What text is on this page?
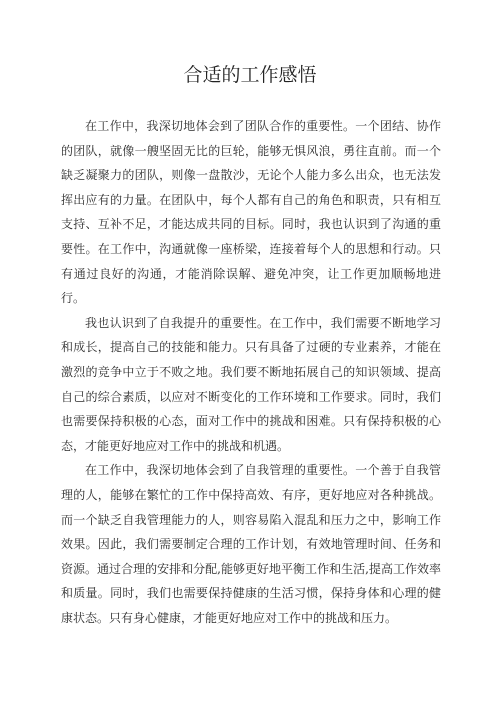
合适的工作感悟

在工作中，我深切地体会到了团队合作的重要性。一个团结、协作的团队，就像一艘坚固无比的巨轮，能够无惧风浪，勇往直前。而一个缺乏凝聚力的团队，则像一盘散沙，无论个人能力多么出众，也无法发挥出应有的力量。在团队中，每个人都有自己的角色和职责，只有相互支持、互补不足，才能达成共同的目标。同时，我也认识到了沟通的重要性。在工作中，沟通就像一座桥梁，连接着每个人的思想和行动。只有通过良好的沟通，才能消除误解、避免冲突，让工作更加顺畅地进行。

我也认识到了自我提升的重要性。在工作中，我们需要不断地学习和成长，提高自己的技能和能力。只有具备了过硬的专业素养，才能在激烈的竞争中立于不败之地。我们要不断地拓展自己的知识领域、提高自己的综合素质，以应对不断变化的工作环境和工作要求。同时，我们也需要保持积极的心态，面对工作中的挑战和困难。只有保持积极的心态，才能更好地应对工作中的挑战和机遇。

在工作中，我深切地体会到了自我管理的重要性。一个善于自我管理的人，能够在繁忙的工作中保持高效、有序，更好地应对各种挑战。而一个缺乏自我管理能力的人，则容易陷入混乱和压力之中，影响工作效果。因此，我们需要制定合理的工作计划，有效地管理时间、任务和资源。通过合理的安排和分配,能够更好地平衡工作和生活,提高工作效率和质量。同时，我们也需要保持健康的生活习惯，保持身体和心理的健康状态。只有身心健康，才能更好地应对工作中的挑战和压力。
